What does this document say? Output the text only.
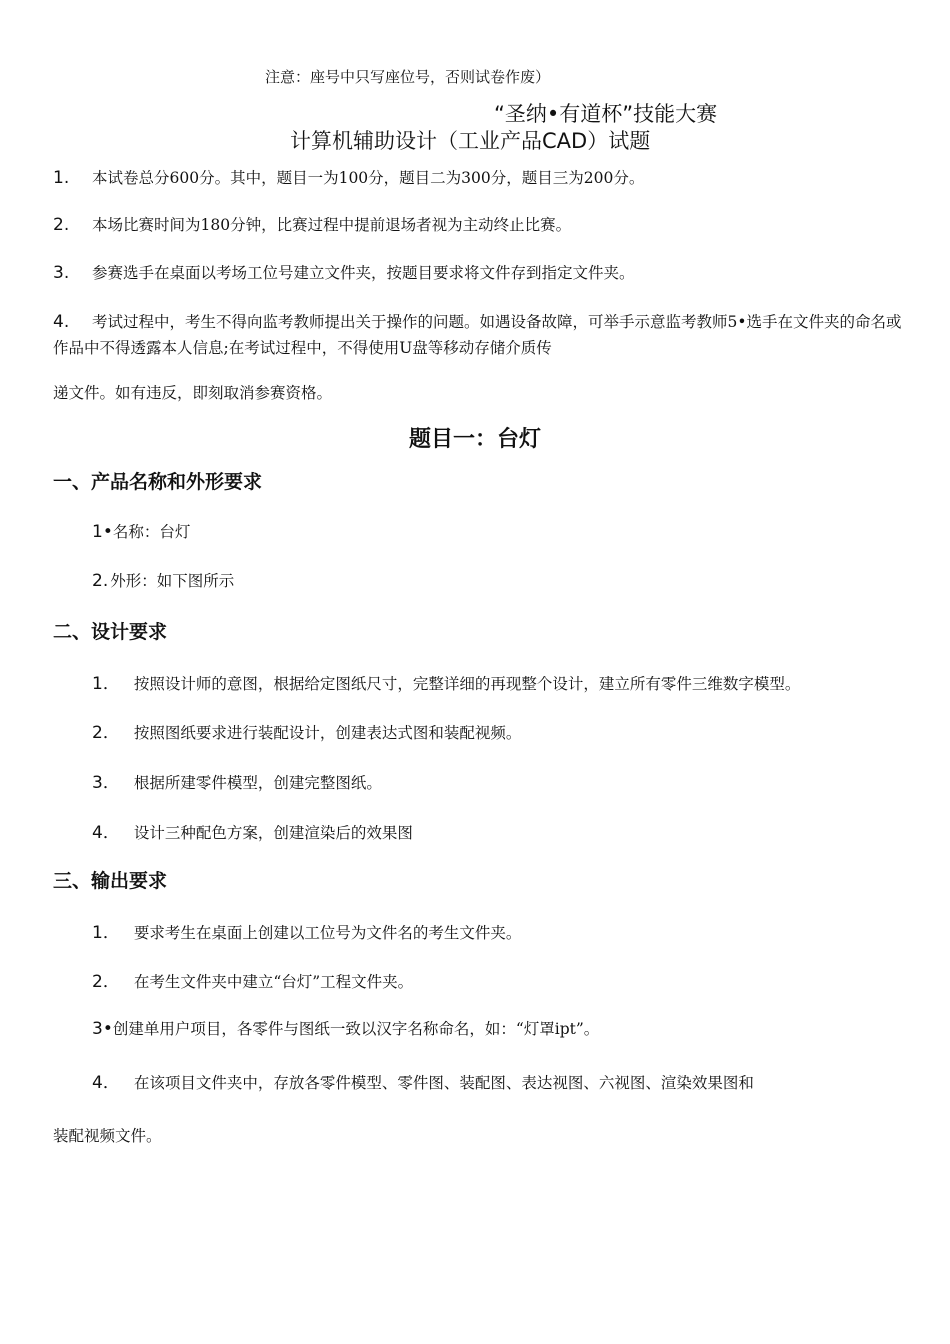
注意：座号中只写座位号，否则试卷作废）
“圣纳•有道杯”技能大赛
计算机辅助设计（工业产品CAD）试题
1. 本试卷总分600分。其中，题目一为100分，题目二为300分，题目三为200分。
2. 本场比赛时间为180分钟，比赛过程中提前退场者视为主动终止比赛。
3. 参赛选手在桌面以考场工位号建立文件夹，按题目要求将文件存到指定文件夹。
4. 考试过程中，考生不得向监考教师提出关于操作的问题。如遇设备故障，可举手示意监考教师5•选手在文件夹的命名或作品中不得透露本人信息;在考试过程中，不得使用U盘等移动存储介质传
递文件。如有违反，即刻取消参赛资格。
题目一：台灯
一、产品名称和外形要求
1•名称：台灯
2. 外形：如下图所示
二、设计要求
1． 按照设计师的意图，根据给定图纸尺寸，完整详细的再现整个设计，建立所有零件三维数字模型。
2． 按照图纸要求进行装配设计，创建表达式图和装配视频。
3． 根据所建零件模型，创建完整图纸。
4． 设计三种配色方案，创建渲染后的效果图
三、输出要求
1． 要求考生在桌面上创建以工位号为文件名的考生文件夹。
2． 在考生文件夹中建立“台灯”工程文件夹。
3•创建单用户项目，各零件与图纸一致以汉字名称命名，如：“灯罩ipt”。
4． 在该项目文件夹中，存放各零件模型、零件图、装配图、表达视图、六视图、渲染效果图和
装配视频文件。
